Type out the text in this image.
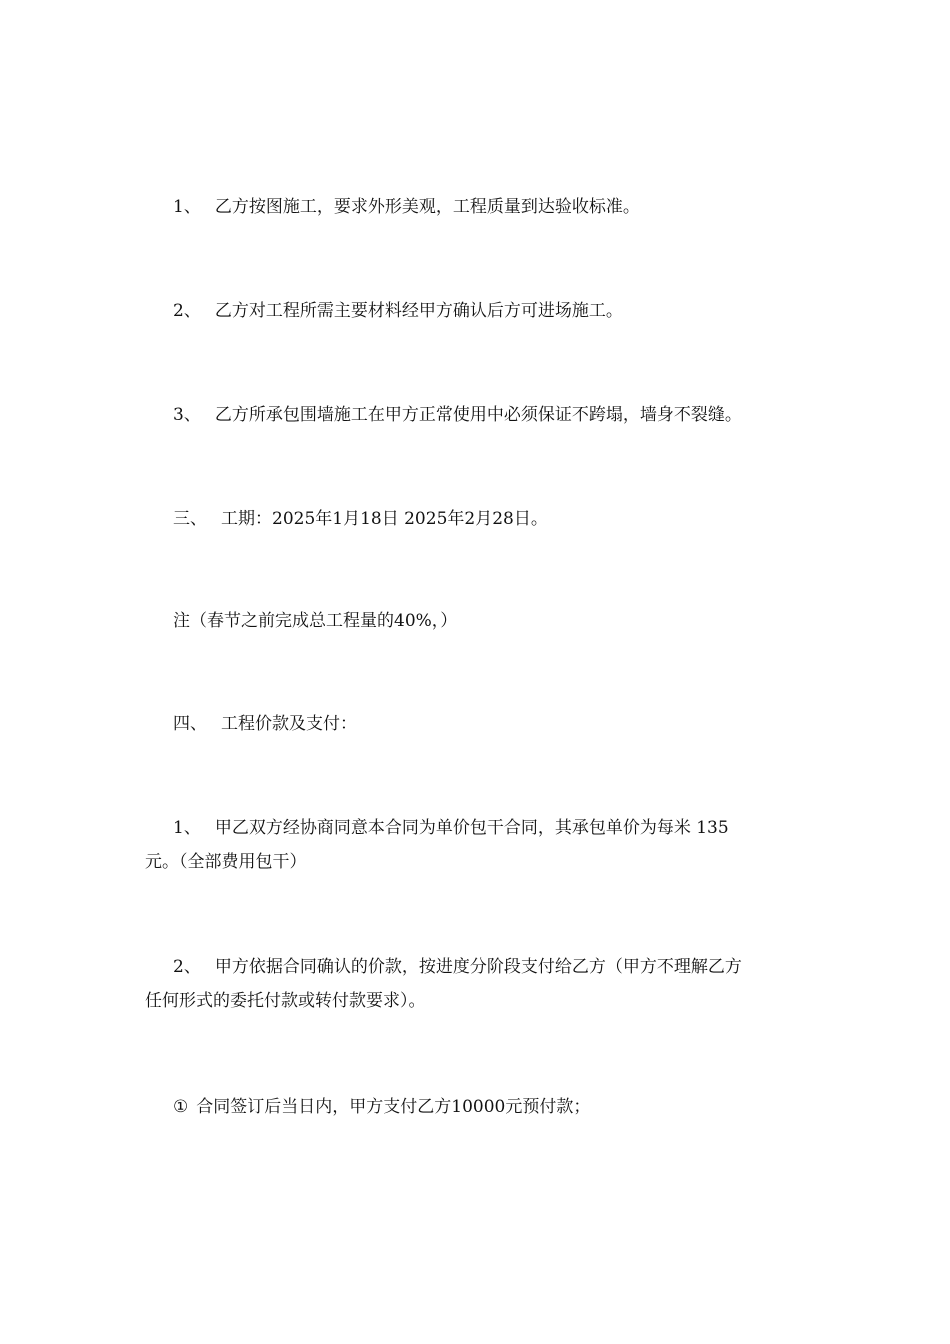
1、 乙方按图施工，要求外形美观，工程质量到达验收标准。
2、 乙方对工程所需主要材料经甲方确认后方可进场施工。
3、 乙方所承包围墙施工在甲方正常使用中必须保证不跨塌，墙身不裂缝。
三、 工期：2025年1月18日 2025年2月28日。
注（春节之前完成总工程量的40%，）
四、 工程价款及支付：
1、 甲乙双方经协商同意本合同为单价包干合同，其承包单价为每米 135
元。（全部费用包干）
2、 甲方依据合同确认的价款，按进度分阶段支付给乙方（甲方不理解乙方
任何形式的委托付款或转付款要求）。
① 合同签订后当日内，甲方支付乙方10000元预付款；
